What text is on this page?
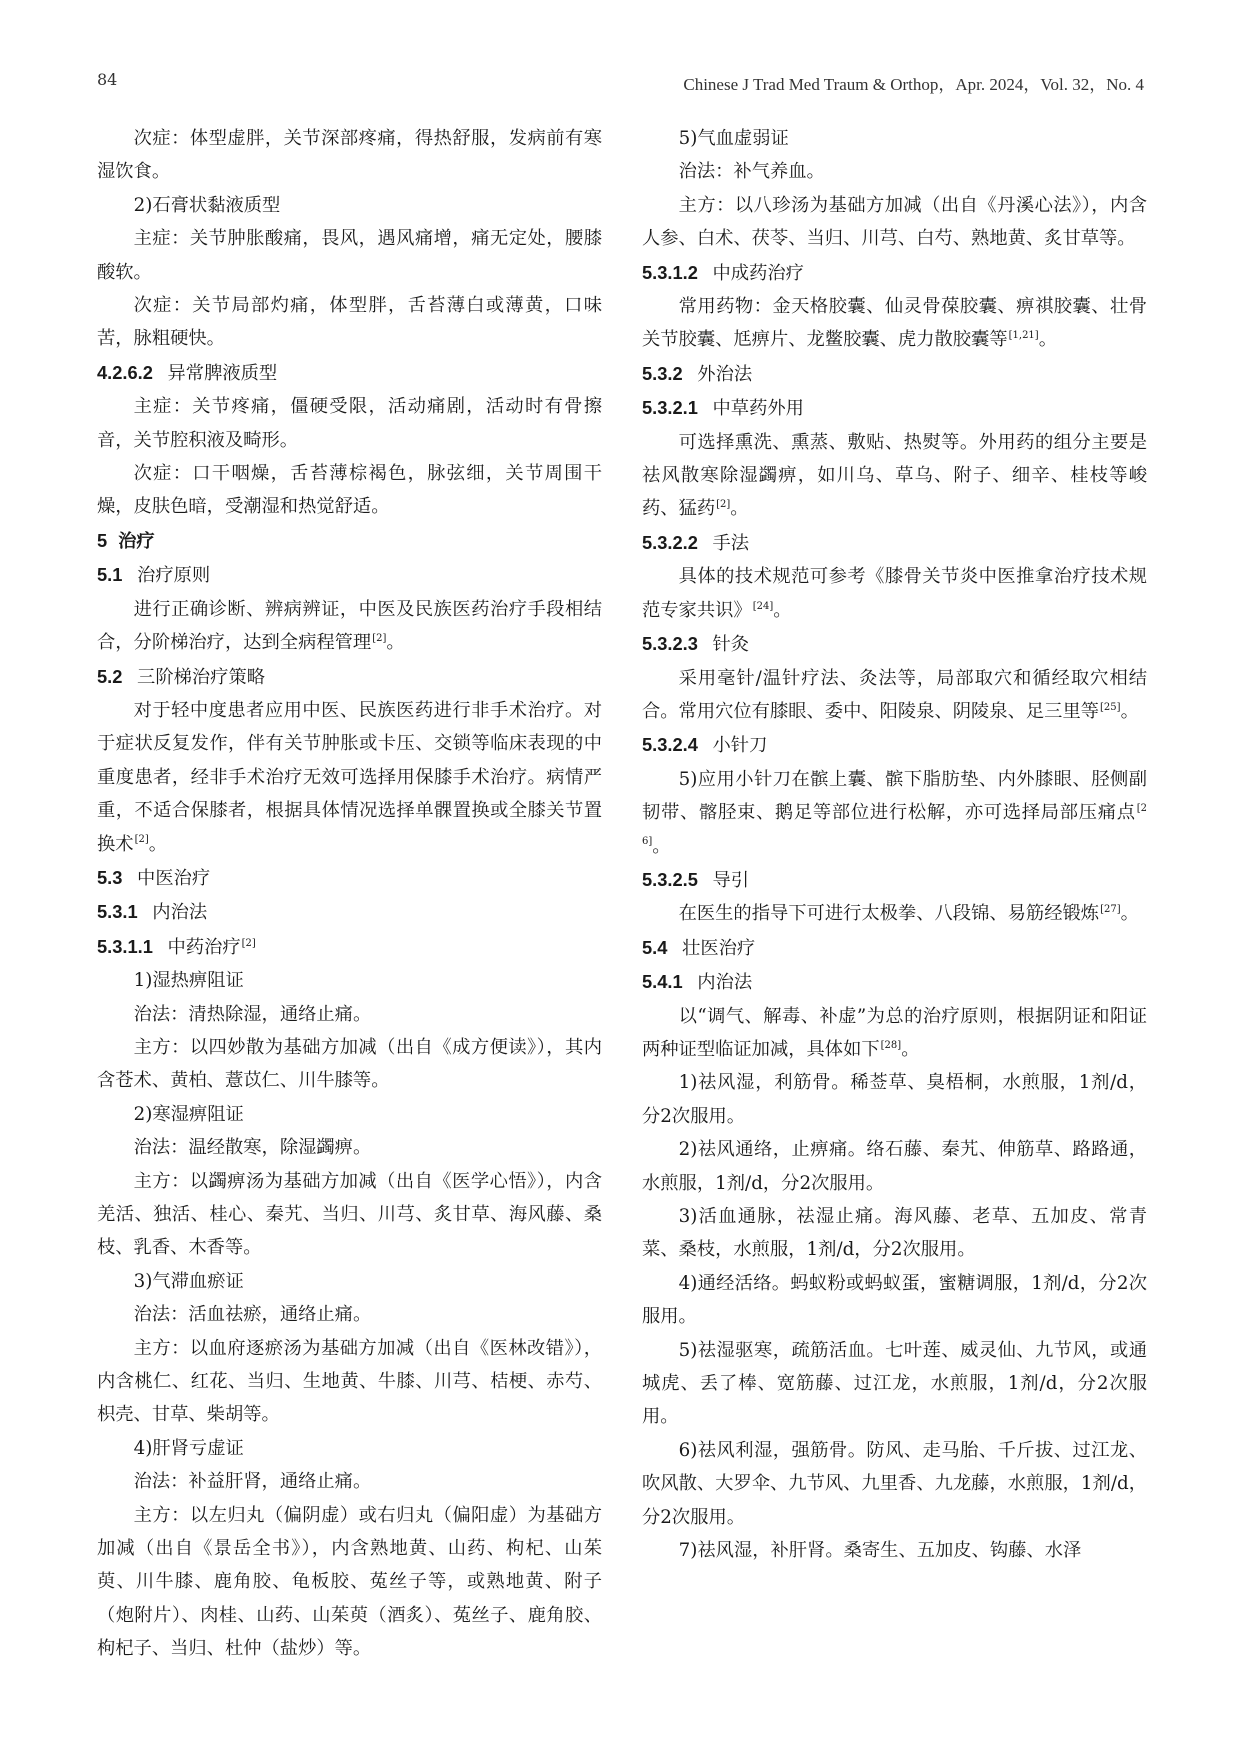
84	Chinese J Trad Med Traum & Orthop，Apr. 2024，Vol. 32，No. 4
次症：体型虚胖，关节深部疼痛，得热舒服，发病前有寒湿饮食。
2)石膏状黏液质型
主症：关节肿胀酸痛，畏风，遇风痛增，痛无定处，腰膝酸软。
次症：关节局部灼痛，体型胖，舌苔薄白或薄黄，口味苦，脉粗硬快。
4.2.6.2 异常脾液质型
主症：关节疼痛，僵硬受限，活动痛剧，活动时有骨擦音，关节腔积液及畸形。
次症：口干咽燥，舌苔薄棕褐色，脉弦细，关节周围干燥，皮肤色暗，受潮湿和热觉舒适。
5 治疗
5.1 治疗原则
进行正确诊断、辨病辨证，中医及民族医药治疗手段相结合，分阶梯治疗，达到全病程管理[2]。
5.2 三阶梯治疗策略
对于轻中度患者应用中医、民族医药进行非手术治疗。对于症状反复发作，伴有关节肿胀或卡压、交锁等临床表现的中重度患者，经非手术治疗无效可选择用保膝手术治疗。病情严重，不适合保膝者，根据具体情况选择单髁置换或全膝关节置换术[2]。
5.3 中医治疗
5.3.1 内治法
5.3.1.1 中药治疗[2]
1)湿热痹阻证
治法：清热除湿，通络止痛。
主方：以四妙散为基础方加减（出自《成方便读》），其内含苍术、黄柏、薏苡仁、川牛膝等。
2)寒湿痹阻证
治法：温经散寒，除湿蠲痹。
主方：以蠲痹汤为基础方加减（出自《医学心悟》），内含羌活、独活、桂心、秦艽、当归、川芎、炙甘草、海风藤、桑枝、乳香、木香等。
3)气滞血瘀证
治法：活血祛瘀，通络止痛。
主方：以血府逐瘀汤为基础方加减（出自《医林改错》），内含桃仁、红花、当归、生地黄、牛膝、川芎、桔梗、赤芍、枳壳、甘草、柴胡等。
4)肝肾亏虚证
治法：补益肝肾，通络止痛。
主方：以左归丸（偏阴虚）或右归丸（偏阳虚）为基础方加减（出自《景岳全书》），内含熟地黄、山药、枸杞、山茱萸、川牛膝、鹿角胶、龟板胶、菟丝子等，或熟地黄、附子（炮附片）、肉桂、山药、山茱萸（酒炙）、菟丝子、鹿角胶、枸杞子、当归、杜仲（盐炒）等。
5)气血虚弱证
治法：补气养血。
主方：以八珍汤为基础方加减（出自《丹溪心法》），内含人参、白术、茯苓、当归、川芎、白芍、熟地黄、炙甘草等。
5.3.1.2 中成药治疗
常用药物：金天格胶囊、仙灵骨葆胶囊、痹祺胶囊、壮骨关节胶囊、尪痹片、龙鳖胶囊、虎力散胶囊等[1,21]。
5.3.2 外治法
5.3.2.1 中草药外用
可选择熏洗、熏蒸、敷贴、热熨等。外用药的组分主要是祛风散寒除湿蠲痹，如川乌、草乌、附子、细辛、桂枝等峻药、猛药[2]。
5.3.2.2 手法
具体的技术规范可参考《膝骨关节炎中医推拿治疗技术规范专家共识》[24]。
5.3.2.3 针灸
采用毫针/温针疗法、灸法等，局部取穴和循经取穴相结合。常用穴位有膝眼、委中、阳陵泉、阴陵泉、足三里等[25]。
5.3.2.4 小针刀
5)应用小针刀在髌上囊、髌下脂肪垫、内外膝眼、胫侧副韧带、髂胫束、鹅足等部位进行松解，亦可选择局部压痛点[26]。
5.3.2.5 导引
在医生的指导下可进行太极拳、八段锦、易筋经锻炼[27]。
5.4 壮医治疗
5.4.1 内治法
以“调气、解毒、补虚”为总的治疗原则，根据阴证和阳证两种证型临证加减，具体如下[28]。
1)祛风湿，利筋骨。稀莶草、臭梧桐，水煎服，1剂/d，分2次服用。
2)祛风通络，止痹痛。络石藤、秦艽、伸筋草、路路通，水煎服，1剂/d，分2次服用。
3)活血通脉，祛湿止痛。海风藤、老草、五加皮、常青菜、桑枝，水煎服，1剂/d，分2次服用。
4)通经活络。蚂蚁粉或蚂蚁蛋，蜜糖调服，1剂/d，分2次服用。
5)祛湿驱寒，疏筋活血。七叶莲、威灵仙、九节风，或通城虎、丢了棒、宽筋藤、过江龙，水煎服，1剂/d，分2次服用。
6)祛风利湿，强筋骨。防风、走马胎、千斤拔、过江龙、吹风散、大罗伞、九节风、九里香、九龙藤，水煎服，1剂/d，分2次服用。
7)祛风湿，补肝肾。桑寄生、五加皮、钩藤、水泽
